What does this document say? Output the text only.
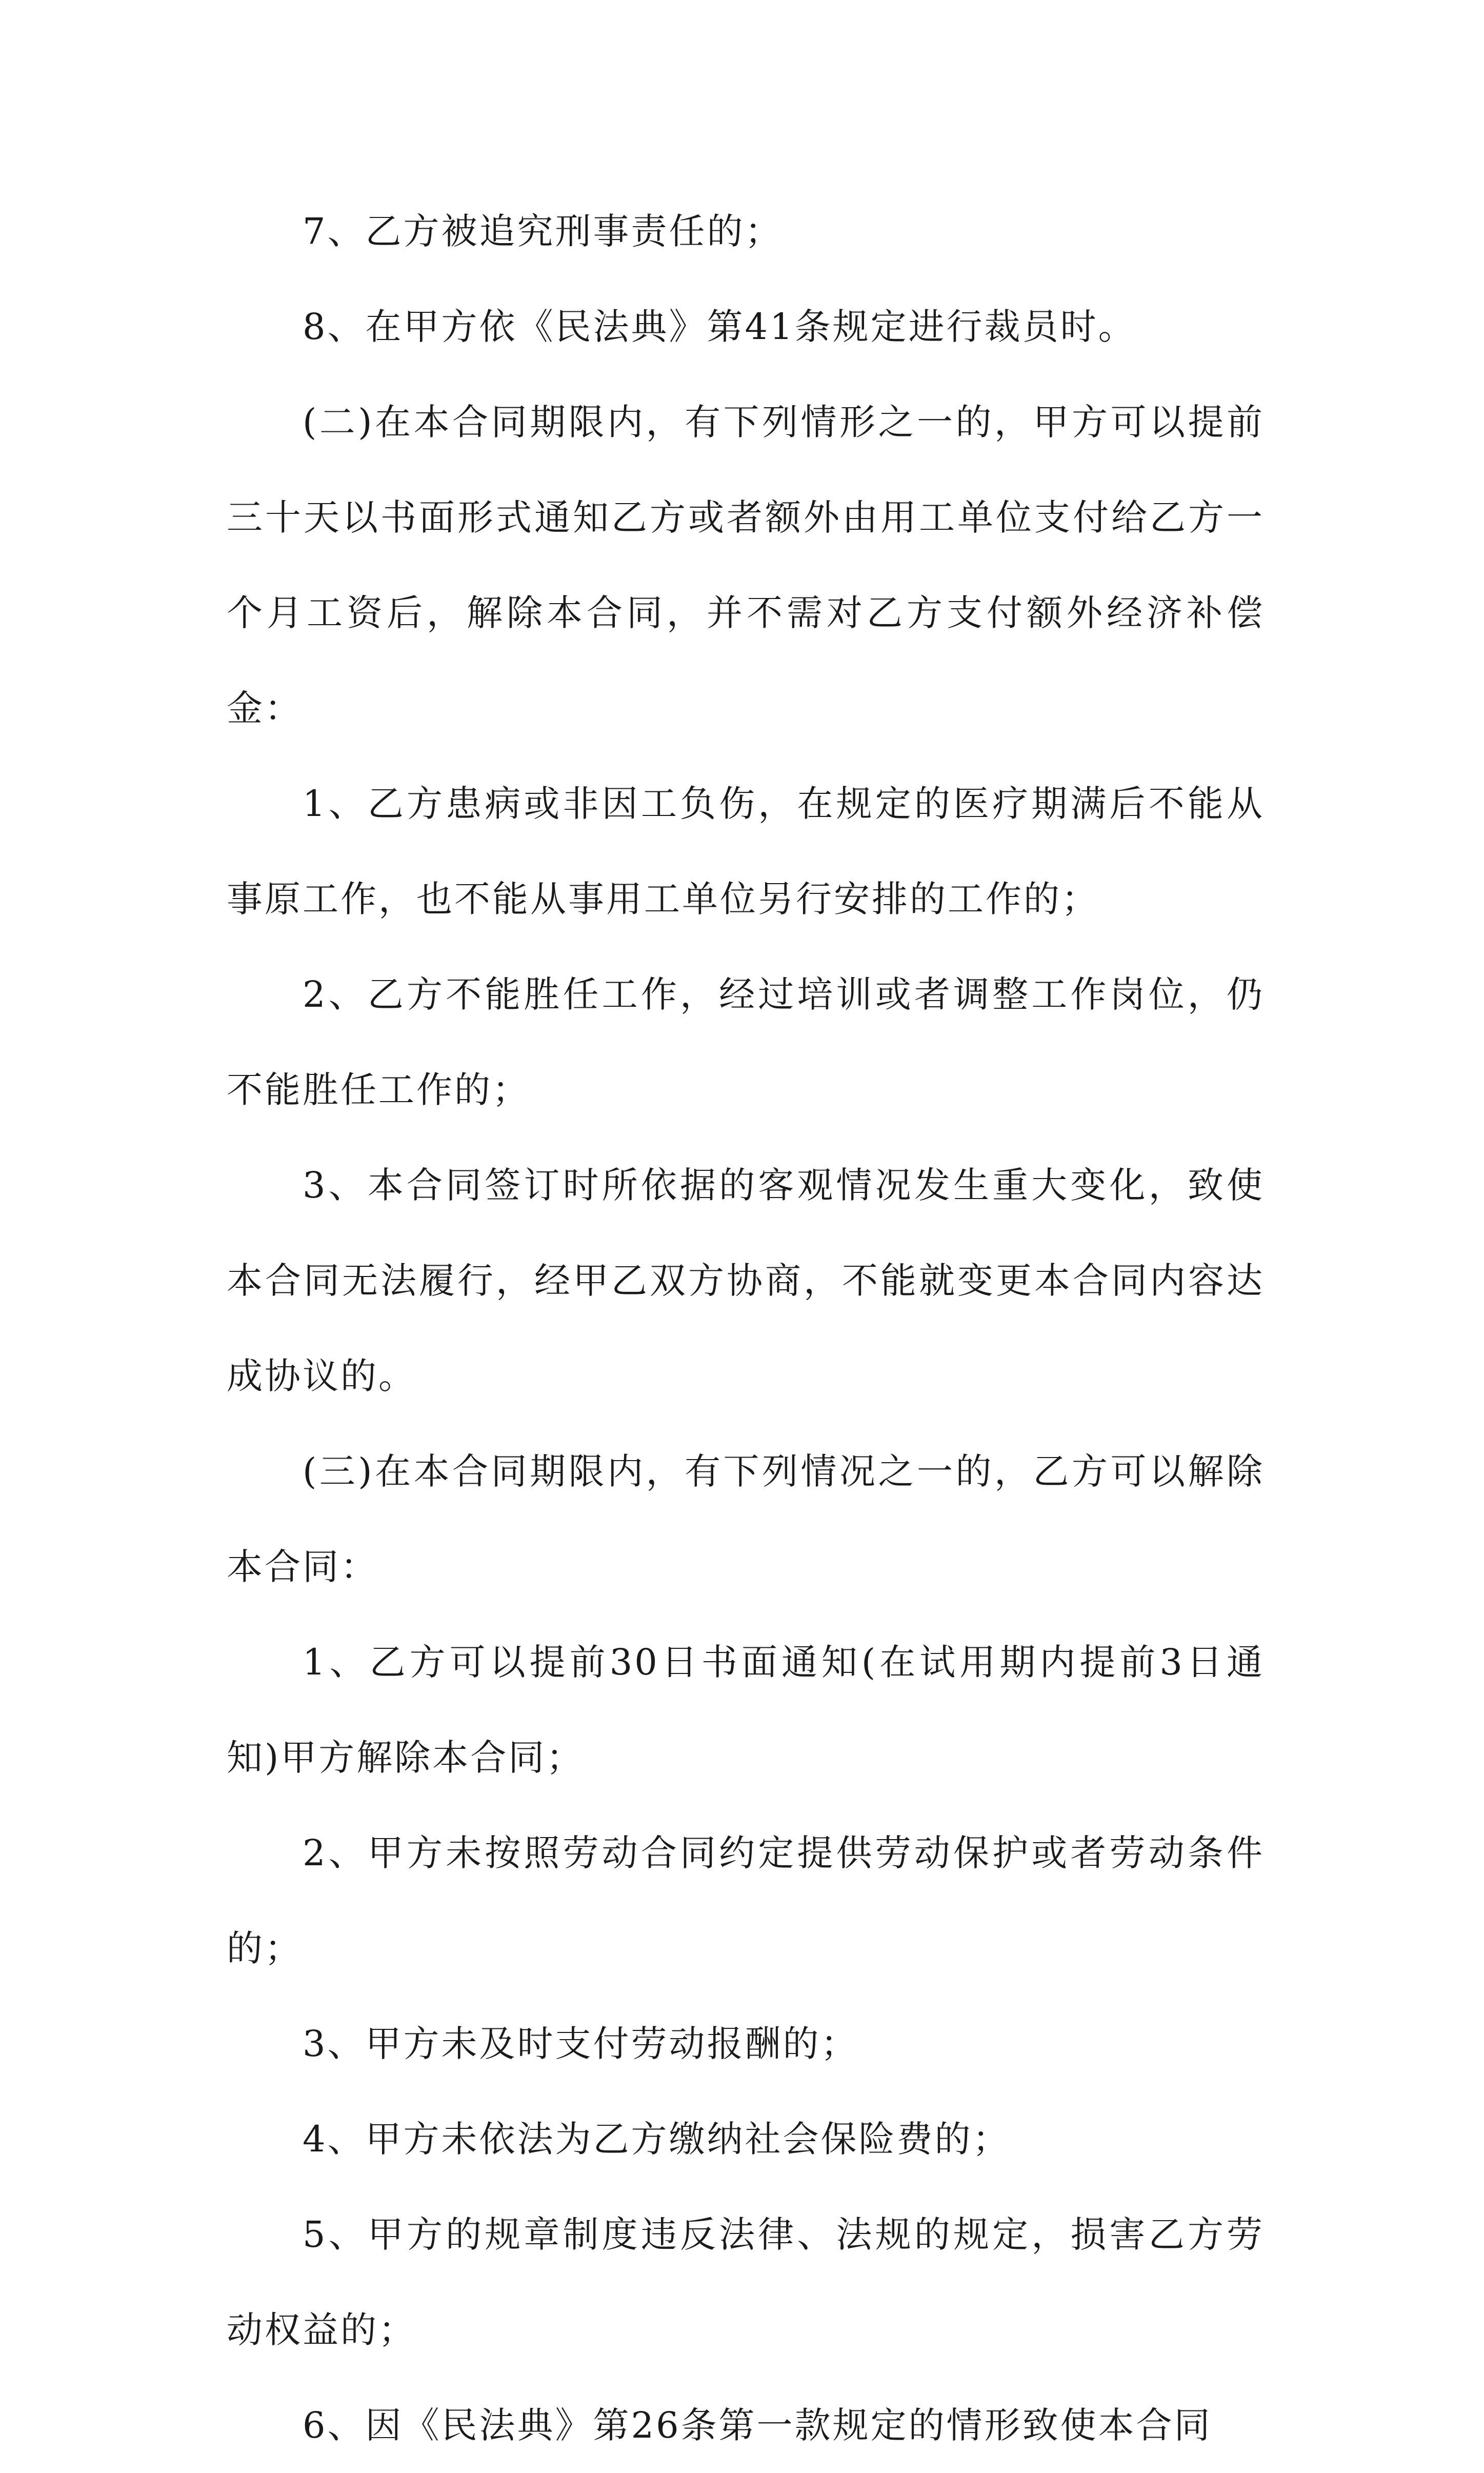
7、乙方被追究刑事责任的；

8、在甲方依《民法典》第41条规定进行裁员时。

(二)在本合同期限内，有下列情形之一的，甲方可以提前三十天以书面形式通知乙方或者额外由用工单位支付给乙方一个月工资后，解除本合同，并不需对乙方支付额外经济补偿金：

1、乙方患病或非因工负伤，在规定的医疗期满后不能从事原工作，也不能从事用工单位另行安排的工作的；

2、乙方不能胜任工作，经过培训或者调整工作岗位，仍不能胜任工作的；

3、本合同签订时所依据的客观情况发生重大变化，致使本合同无法履行，经甲乙双方协商，不能就变更本合同内容达成协议的。

(三)在本合同期限内，有下列情况之一的，乙方可以解除本合同：

1、乙方可以提前30日书面通知(在试用期内提前3日通知)甲方解除本合同；

2、甲方未按照劳动合同约定提供劳动保护或者劳动条件的；

3、甲方未及时支付劳动报酬的；

4、甲方未依法为乙方缴纳社会保险费的；

5、甲方的规章制度违反法律、法规的规定，损害乙方劳动权益的；

6、因《民法典》第26条第一款规定的情形致使本合同
